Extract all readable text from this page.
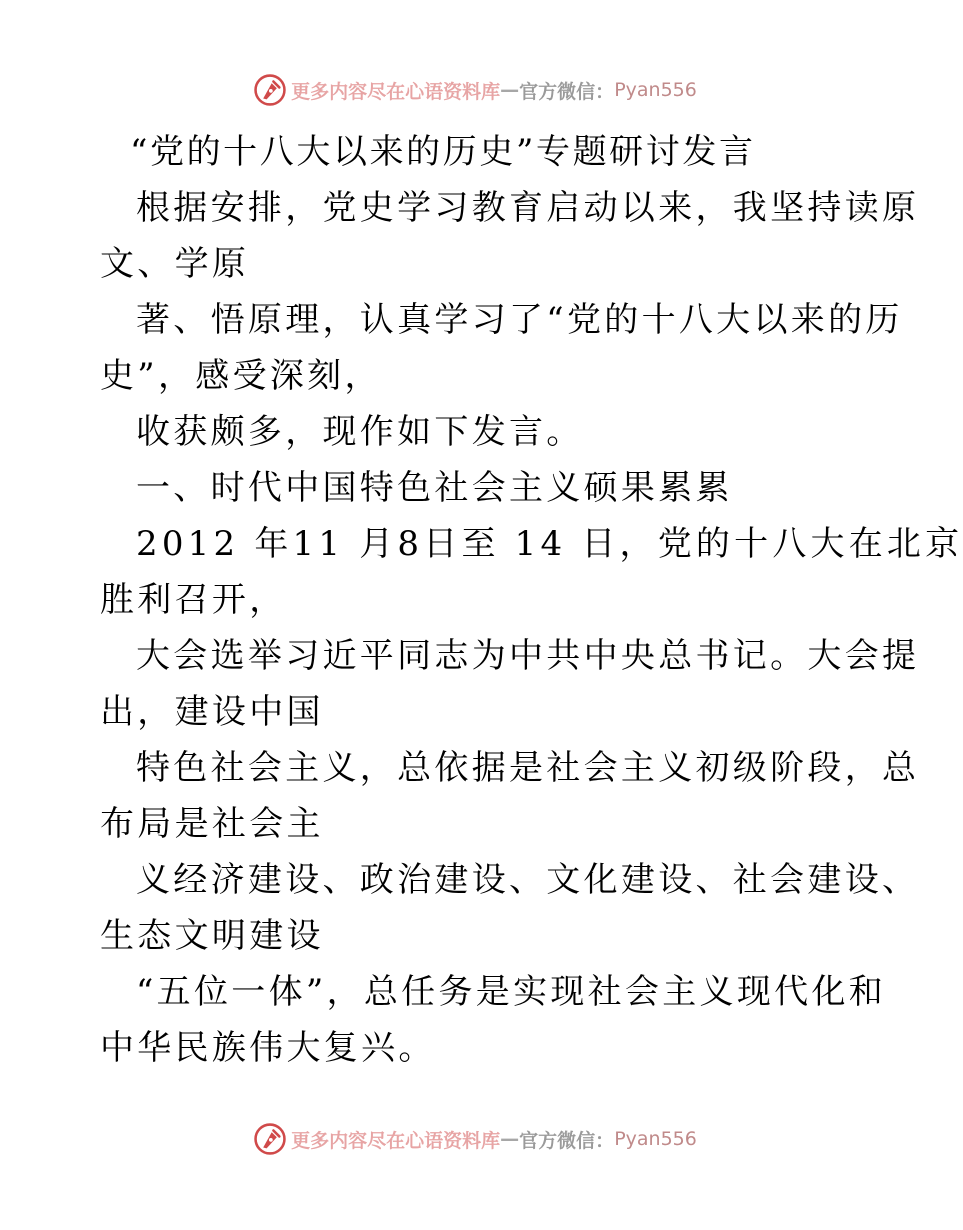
更多内容尽在心语资料库 — 官方微信： Pyan556
“党的十八大以来的历史”专题研讨发言
根据安排，党史学习教育启动以来，我坚持读原
文、学原
著、悟原理，认真学习了“党的十八大以来的历
史”，感受深刻，
收获颇多，现作如下发言。
一、时代中国特色社会主义硕果累累
2012 年11 月8日至 14 日，党的十八大在北京
胜利召开，
大会选举习近平同志为中共中央总书记。大会提
出，建设中国
特色社会主义，总依据是社会主义初级阶段，总
布局是社会主
义经济建设、政治建设、文化建设、社会建设、
生态文明建设
“五位一体”，总任务是实现社会主义现代化和
中华民族伟大复兴。
更多内容尽在心语资料库 — 官方微信： Pyan556
